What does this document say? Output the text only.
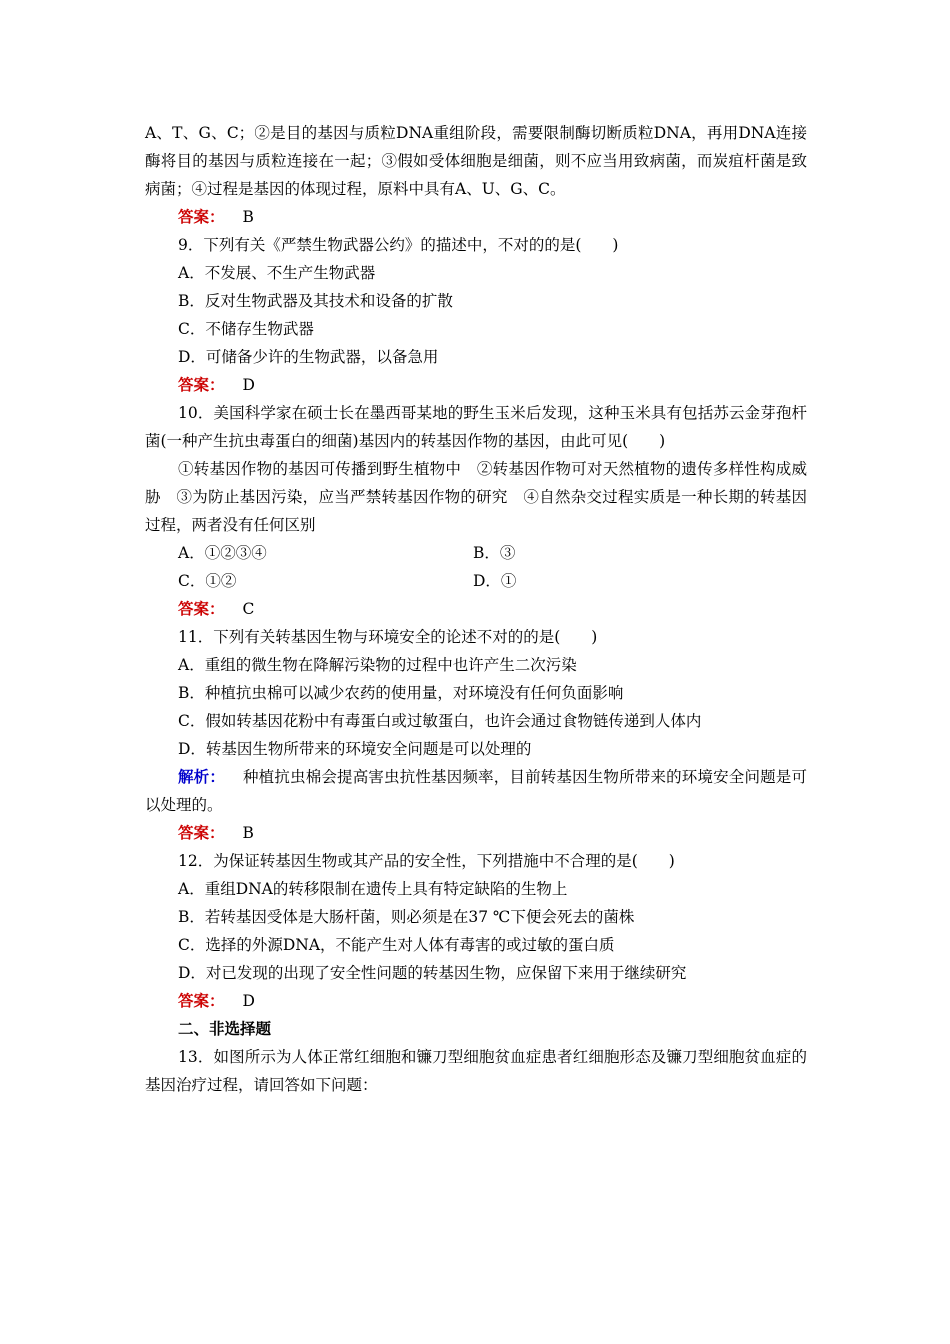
A、T、G、C；②是目的基因与质粒DNA重组阶段，需要限制酶切断质粒DNA，再用DNA连接酶将目的基因与质粒连接在一起；③假如受体细胞是细菌，则不应当用致病菌，而炭疽杆菌是致病菌；④过程是基因的体现过程，原料中具有A、U、G、C。

答案： B

9．下列有关《严禁生物武器公约》的描述中，不对的的是(　　)

A．不发展、不生产生物武器

B．反对生物武器及其技术和设备的扩散

C．不储存生物武器

D．可储备少许的生物武器，以备急用

答案： D

10．美国科学家在硕士长在墨西哥某地的野生玉米后发现，这种玉米具有包括苏云金芽孢杆菌(一种产生抗虫毒蛋白的细菌)基因内的转基因作物的基因，由此可见(　　)

①转基因作物的基因可传播到野生植物中　②转基因作物可对天然植物的遗传多样性构成威胁　③为防止基因污染，应当严禁转基因作物的研究　④自然杂交过程实质是一种长期的转基因过程，两者没有任何区别

A．①②③④	B．③
C．①②	D．①

答案： C

11．下列有关转基因生物与环境安全的论述不对的的是(　　)

A．重组的微生物在降解污染物的过程中也许产生二次污染

B．种植抗虫棉可以减少农药的使用量，对环境没有任何负面影响

C．假如转基因花粉中有毒蛋白或过敏蛋白，也许会通过食物链传递到人体内

D．转基因生物所带来的环境安全问题是可以处理的

解析： 种植抗虫棉会提高害虫抗性基因频率，目前转基因生物所带来的环境安全问题是可以处理的。

答案： B

12．为保证转基因生物或其产品的安全性，下列措施中不合理的是(　　)

A．重组DNA的转移限制在遗传上具有特定缺陷的生物上

B．若转基因受体是大肠杆菌，则必须是在37 ℃下便会死去的菌株

C．选择的外源DNA，不能产生对人体有毒害的或过敏的蛋白质

D．对已发现的出现了安全性问题的转基因生物，应保留下来用于继续研究

答案： D

二、非选择题

13．如图所示为人体正常红细胞和镰刀型细胞贫血症患者红细胞形态及镰刀型细胞贫血症的基因治疗过程，请回答如下问题：
